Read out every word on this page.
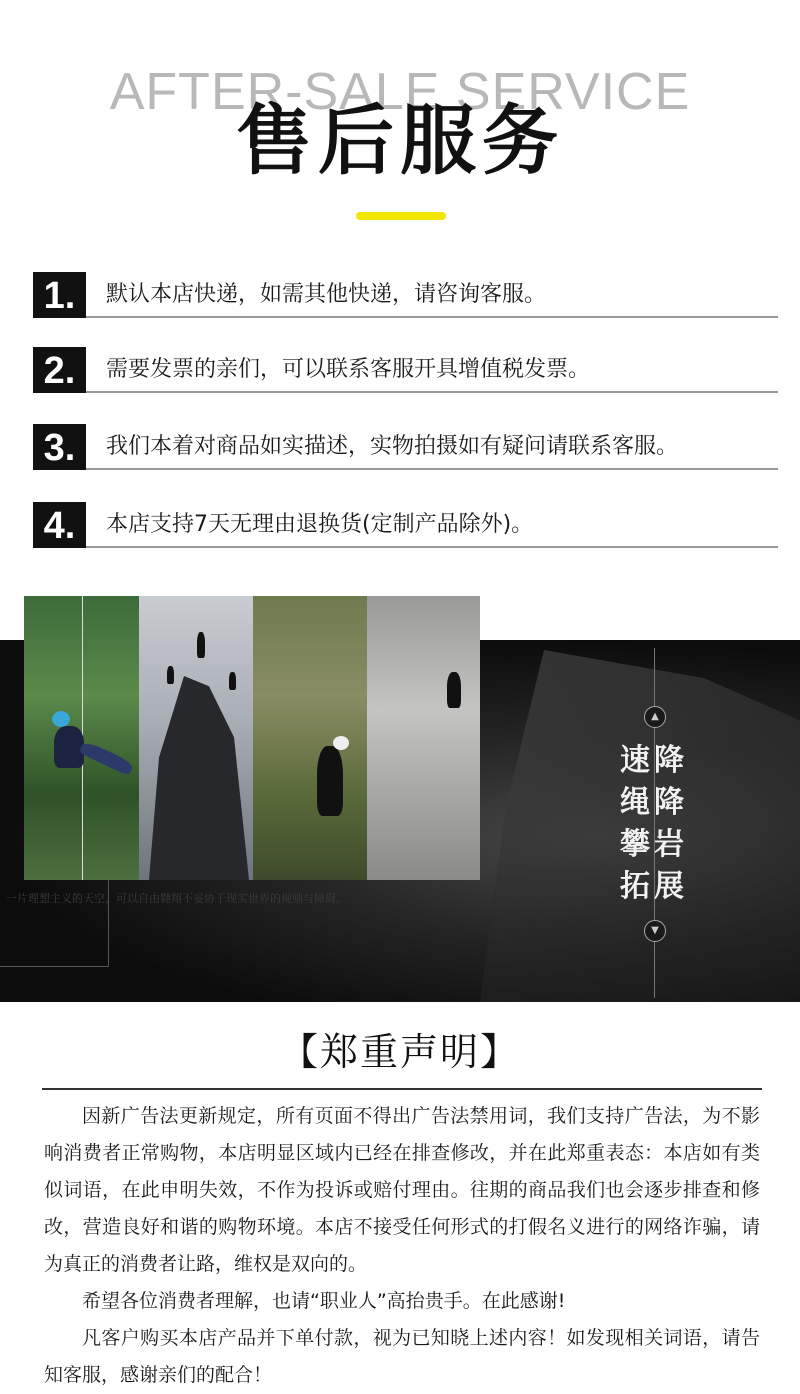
AFTER-SALE SERVICE
售后服务
1.	默认本店快递，如需其他快递，请咨询客服。
2.	需要发票的亲们，可以联系客服开具增值税发票。
3.	我们本着对商品如实描述，实物拍摄如有疑问请联系客服。
4.	本店支持7天无理由退换货(定制产品除外)。
▲
▼
速降
绳降
攀岩
拓展
一片理想主义的天空，可以自由翱翔不妥协于现实世界的规则与障碍。
【郑重声明】

因新广告法更新规定，所有页面不得出广告法禁用词，我们支持广告法，为不影响消费者正常购物，本店明显区域内已经在排查修改，并在此郑重表态：本店如有类似词语，在此申明失效，不作为投诉或赔付理由。往期的商品我们也会逐步排查和修改，营造良好和谐的购物环境。本店不接受任何形式的打假名义进行的网络诈骗，请为真正的消费者让路，维权是双向的。

希望各位消费者理解，也请“职业人”高抬贵手。在此感谢!

凡客户购买本店产品并下单付款，视为已知晓上述内容！如发现相关词语，请告知客服，感谢亲们的配合！
